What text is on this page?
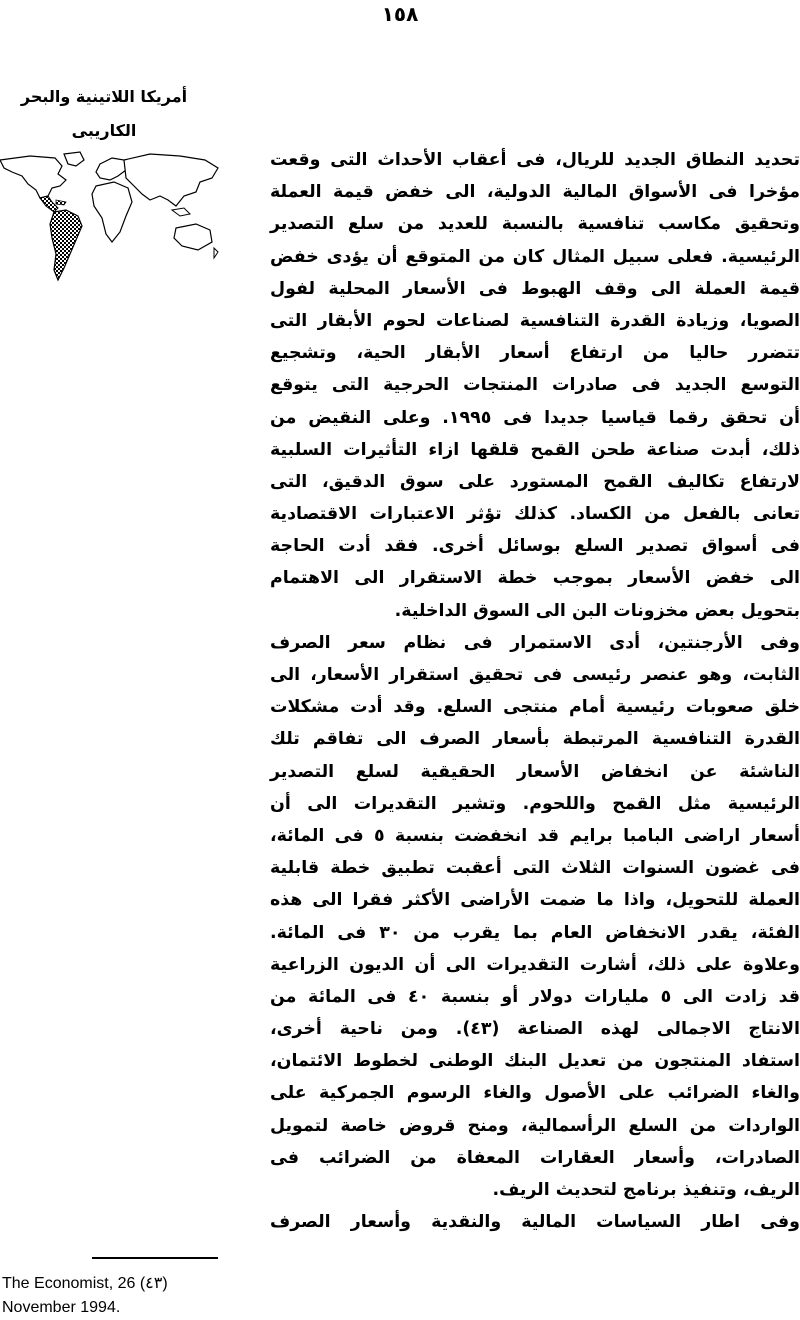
١٥٨
أمريكا اللاتينية والبحر
الكاريبى
تحديد النطاق الجديد للريال، فى أعقاب الأحداث التى وقعت
مؤخرا فى الأسواق المالية الدولية، الى خفض قيمة العملة
وتحقيق مكاسب تنافسية بالنسبة للعديد من سلع التصدير
الرئيسية. فعلى سبيل المثال كان من المتوقع أن يؤدى خفض
قيمة العملة الى وقف الهبوط فى الأسعار المحلية لفول
الصويا، وزيادة القدرة التنافسية لصناعات لحوم الأبقار التى
تتضرر حاليا من ارتفاع أسعار الأبقار الحية، وتشجيع
التوسع الجديد فى صادرات المنتجات الحرجية التى يتوقع
أن تحقق رقما قياسيا جديدا فى ١٩٩٥. وعلى النقيض من
ذلك، أبدت صناعة طحن القمح قلقها ازاء التأثيرات السلبية
لارتفاع تكاليف القمح المستورد على سوق الدقيق، التى
تعانى بالفعل من الكساد. كذلك تؤثر الاعتبارات الاقتصادية
فى أسواق تصدير السلع بوسائل أخرى. فقد أدت الحاجة
الى خفض الأسعار بموجب خطة الاستقرار الى الاهتمام
بتحويل بعض مخزونات البن الى السوق الداخلية.
وفى الأرجنتين، أدى الاستمرار فى نظام سعر الصرف
الثابت، وهو عنصر رئيسى فى تحقيق استقرار الأسعار، الى
خلق صعوبات رئيسية أمام منتجى السلع. وقد أدت مشكلات
القدرة التنافسية المرتبطة بأسعار الصرف الى تفاقم تلك
الناشئة عن انخفاض الأسعار الحقيقية لسلع التصدير
الرئيسية مثل القمح واللحوم. وتشير التقديرات الى أن
أسعار اراضى البامبا برايم قد انخفضت بنسبة ٥ فى المائة،
فى غضون السنوات الثلاث التى أعقبت تطبيق خطة قابلية
العملة للتحويل، واذا ما ضمت الأراضى الأكثر فقرا الى هذه
الفئة، يقدر الانخفاض العام بما يقرب من ٣٠ فى المائة.
وعلاوة على ذلك، أشارت التقديرات الى أن الديون الزراعية
قد زادت الى ٥ مليارات دولار أو بنسبة ٤٠ فى المائة من
الانتاج الاجمالى لهذه الصناعة (٤٣). ومن ناحية أخرى،
استفاد المنتجون من تعديل البنك الوطنى لخطوط الائتمان،
والغاء الضرائب على الأصول والغاء الرسوم الجمركية على
الواردات من السلع الرأسمالية، ومنح قروض خاصة لتمويل
الصادرات، وأسعار العقارات المعفاة من الضرائب فى
الريف، وتنفيذ برنامج لتحديث الريف.
وفى اطار السياسات المالية والنقدية وأسعار الصرف
The Economist, 26 (٤٣)
November 1994.
